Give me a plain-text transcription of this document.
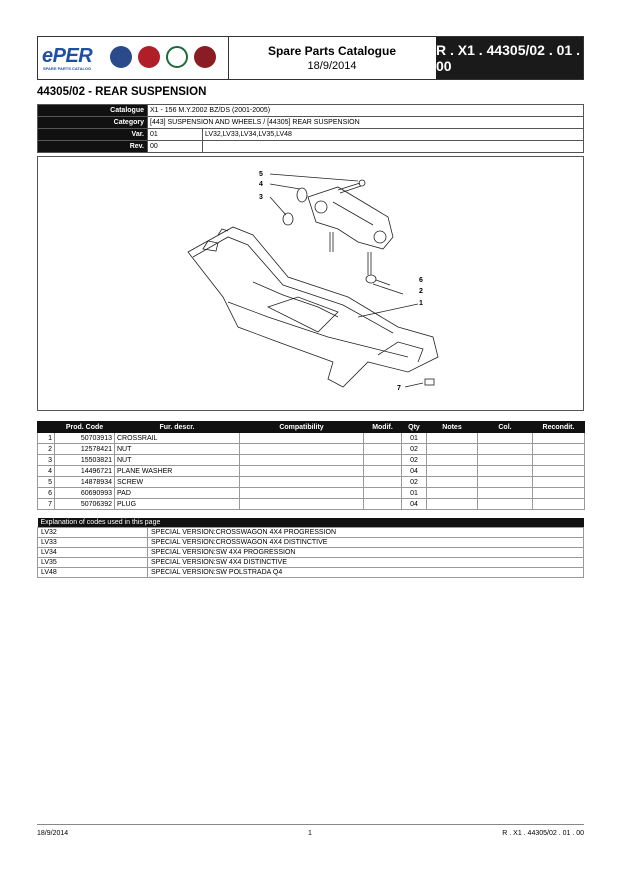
ePER
SPARE PARTS CATALOG
Spare Parts Catalogue
18/9/2014
R . X1 . 44305/02 . 01 . 00
44305/02 - REAR SUSPENSION
Catalogue	X1 - 156 M.Y.2002 BZ/DS (2001-2005)	
Category	[443] SUSPENSION AND WHEELS / [44305] REAR SUSPENSION	
Var.	01	LV32,LV33,LV34,LV35,LV48
Rev.	00	
5
4
3
6
2
1
7
	Prod. Code	Fur. descr.	Compatibility	Modif.	Qty	Notes	Col.	Recondit.
1	50703913	CROSSRAIL			01			
2	12578421	NUT			02			
3	15503821	NUT			02			
4	14496721	PLANE WASHER			04			
5	14878934	SCREW			02			
6	60690993	PAD			01			
7	50706392	PLUG			04			
Explanation of codes used in this page	
LV32	SPECIAL VERSION:CROSSWAGON 4X4 PROGRESSION
LV33	SPECIAL VERSION:CROSSWAGON 4X4 DISTINCTIVE
LV34	SPECIAL VERSION:SW 4X4 PROGRESSION
LV35	SPECIAL VERSION:SW 4X4 DISTINCTIVE
LV48	SPECIAL VERSION:SW POLSTRADA Q4
18/9/2014	1	R . X1 . 44305/02 . 01 . 00
